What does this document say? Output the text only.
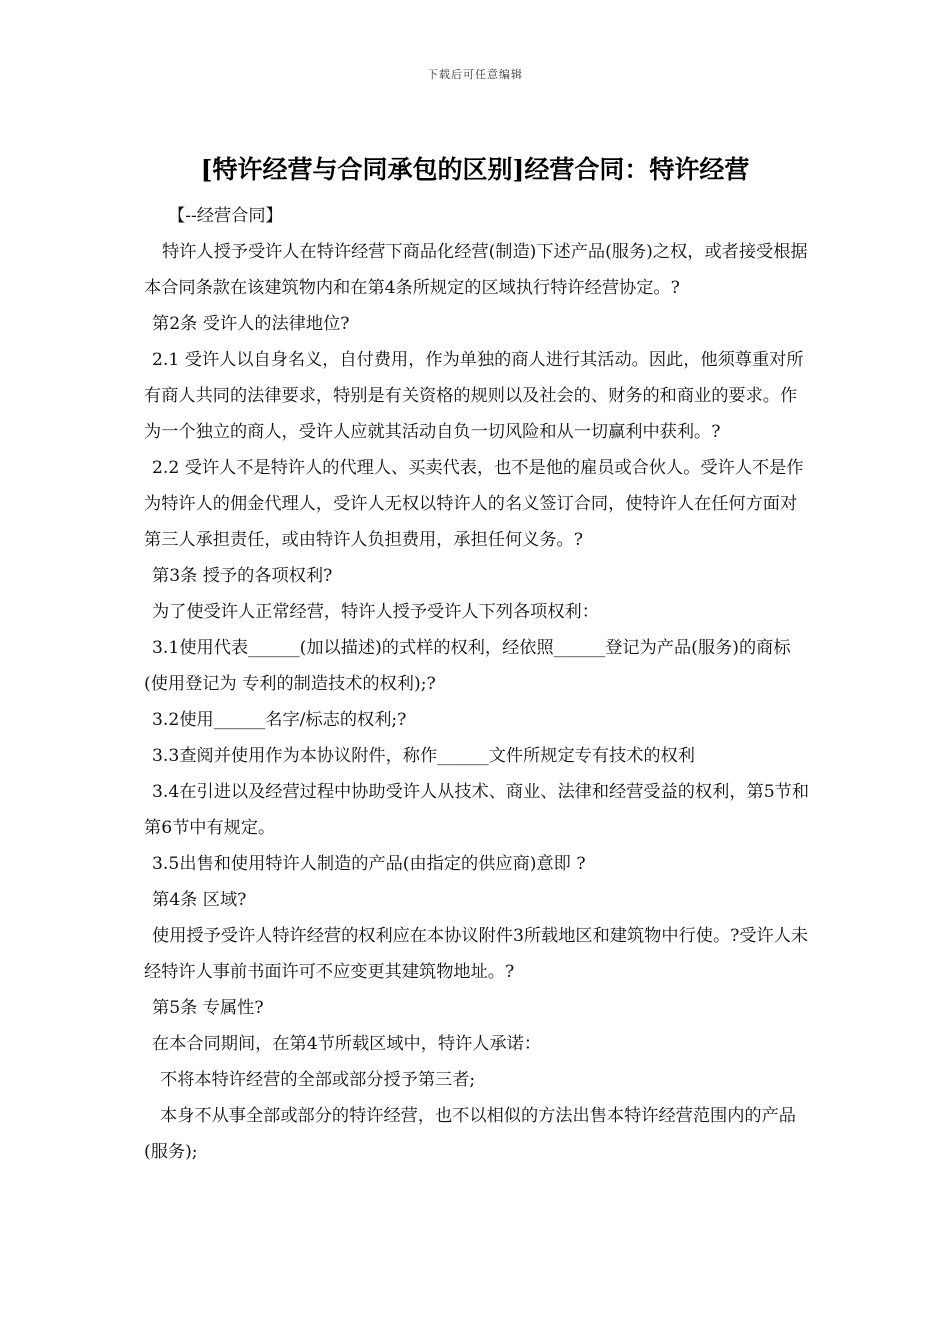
下载后可任意编辑
[特许经营与合同承包的区别]经营合同：特许经营

【--经营合同】

特许人授予受许人在特许经营下商品化经营(制造)下述产品(服务)之权，或者接受根据本合同条款在该建筑物内和在第4条所规定的区域执行特许经营协定。?

第2条 受许人的法律地位?

2.1 受许人以自身名义，自付费用，作为单独的商人进行其活动。因此，他须尊重对所有商人共同的法律要求，特别是有关资格的规则以及社会的、财务的和商业的要求。作为一个独立的商人，受许人应就其活动自负一切风险和从一切赢利中获利。?

2.2 受许人不是特许人的代理人、买卖代表，也不是他的雇员或合伙人。受许人不是作为特许人的佣金代理人，受许人无权以特许人的名义签订合同，使特许人在任何方面对第三人承担责任，或由特许人负担费用，承担任何义务。?

第3条 授予的各项权利?

为了使受许人正常经营，特许人授予受许人下列各项权利：

3.1使用代表______(加以描述)的式样的权利，经依照______登记为产品(服务)的商标(使用登记为 专利的制造技术的权利);?

3.2使用______名字/标志的权利;?

3.3查阅并使用作为本协议附件，称作______文件所规定专有技术的权利

3.4在引进以及经营过程中协助受许人从技术、商业、法律和经营受益的权利，第5节和第6节中有规定。

3.5出售和使用特许人制造的产品(由指定的供应商)意即 ?

第4条 区域?

使用授予受许人特许经营的权利应在本协议附件3所载地区和建筑物中行使。?受许人未经特许人事前书面许可不应变更其建筑物地址。?

第5条 专属性?

在本合同期间，在第4节所载区域中，特许人承诺：

不将本特许经营的全部或部分授予第三者;

本身不从事全部或部分的特许经营，也不以相似的方法出售本特许经营范围内的产品(服务);
